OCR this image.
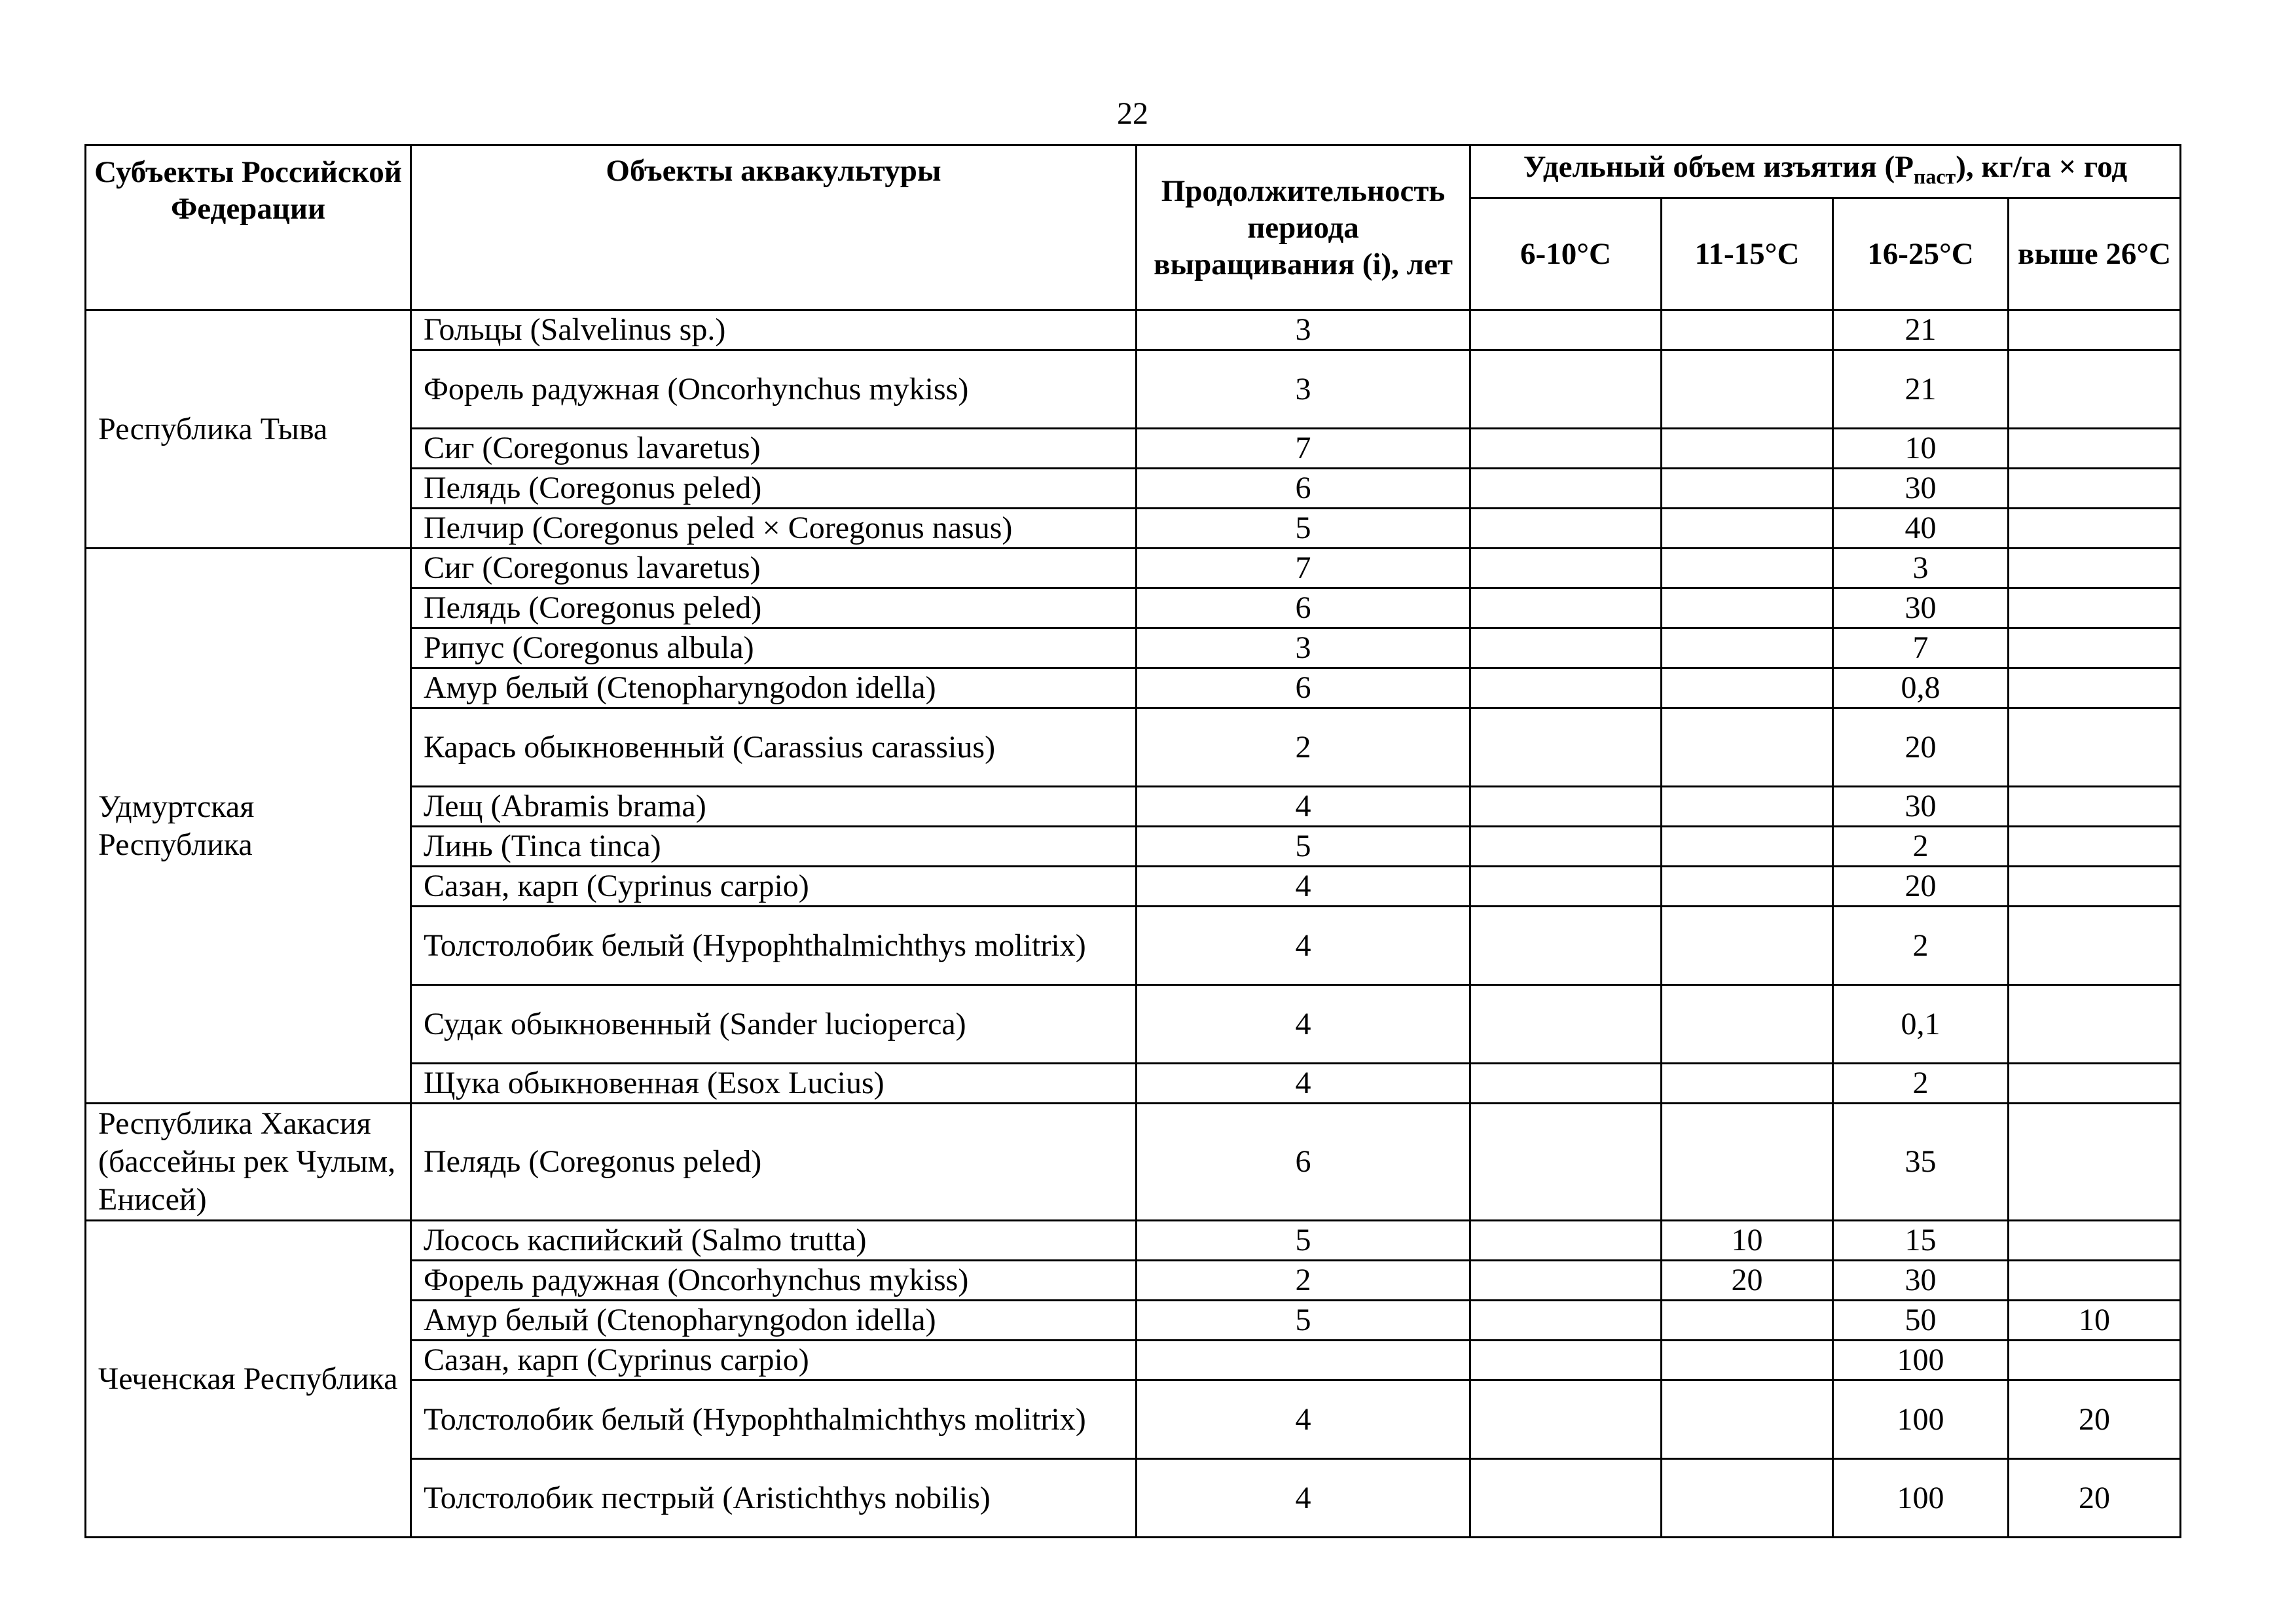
22
Субъекты Российской Федерации	Объекты аквакультуры	Продолжительность периода выращивания (i), лет	Удельный объем изъятия $(P_{паст})$, кг/га × год			
			6-10°C	11-15°C	16-25°C	выше 26°C
Республика Тыва	Гольцы (Salvelinus sp.)	3			21	
	Форель радужная (Oncorhynchus mykiss)	3			21	
	Сиг (Coregonus lavaretus)	7			10	
	Пелядь (Coregonus peled)	6			30	
	Пелчир (Coregonus peled × Coregonus nasus)	5			40	
Удмуртская Республика	Сиг (Coregonus lavaretus)	7			3	
	Пелядь (Coregonus peled)	6			30	
	Рипус (Coregonus albula)	3			7	
	Амур белый (Ctenopharyngodon idella)	6			0,8	
	Карась обыкновенный (Carassius carassius)	2			20	
	Лещ (Abramis brama)	4			30	
	Линь (Tinca tinca)	5			2	
	Сазан, карп (Cyprinus carpio)	4			20	
	Толстолобик белый (Hypophthalmichthys molitrix)	4			2	
	Судак обыкновенный (Sander lucioperca)	4			0,1	
	Щука обыкновенная (Esox Lucius)	4			2	
Республика Хакасия (бассейны рек Чулым, Енисей)	Пелядь (Coregonus peled)	6			35	
Чеченская Республика	Лосось каспийский (Salmo trutta)	5		10	15	
	Форель радужная (Oncorhynchus mykiss)	2		20	30	
	Амур белый (Ctenopharyngodon idella)	5			50	10
	Сазан, карп (Cyprinus carpio)				100	
	Толстолобик белый (Hypophthalmichthys molitrix)	4			100	20
	Толстолобик пестрый (Aristichthys nobilis)	4			100	20
